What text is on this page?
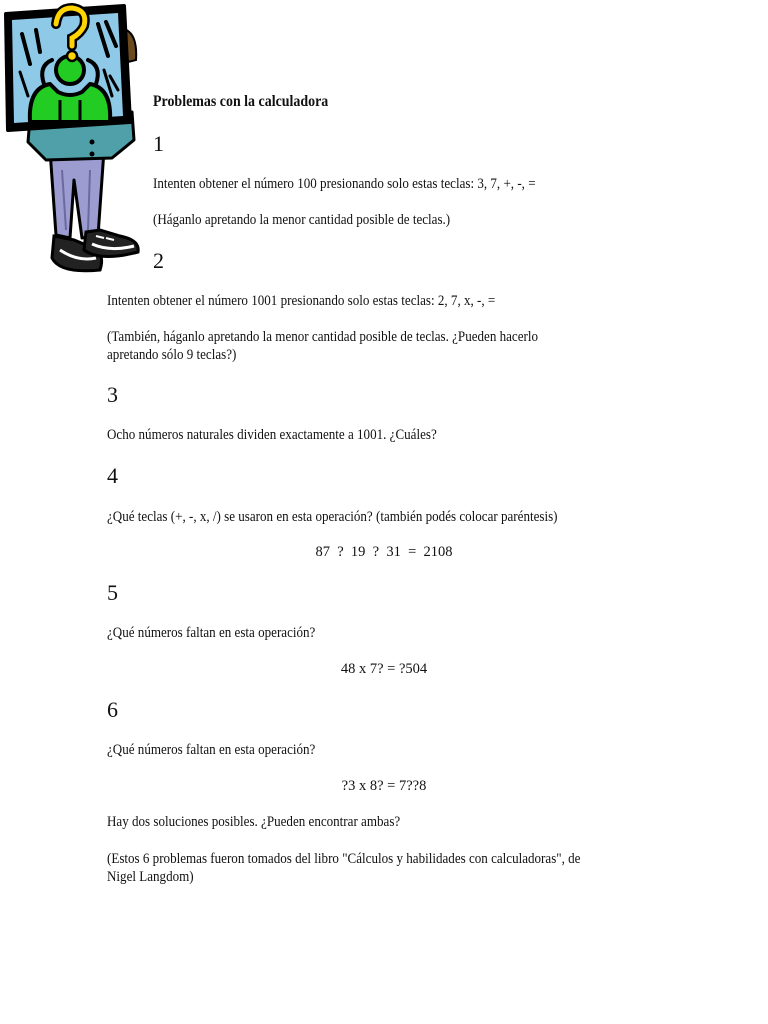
Problemas con la calculadora

1

Intenten obtener el número 100 presionando solo estas teclas: 3, 7, +, -, =

(Háganlo apretando la menor cantidad posible de teclas.)

2

Intenten obtener el número 1001 presionando solo estas teclas: 2, 7, x, -, =

(También, háganlo apretando la menor cantidad posible de teclas. ¿Pueden hacerlo

apretando sólo 9 teclas?)

3

Ocho números naturales dividen exactamente a 1001. ¿Cuáles?

4

¿Qué teclas (+, -, x, /) se usaron en esta operación? (también podés colocar paréntesis)

87  ?  19  ?  31  =  2108

5

¿Qué números faltan en esta operación?

48 x 7? = ?504

6

¿Qué números faltan en esta operación?

?3 x 8? = 7??8

Hay dos soluciones posibles. ¿Pueden encontrar ambas?

(Estos 6 problemas fueron tomados del libro "Cálculos y habilidades con calculadoras", de

Nigel Langdom)
